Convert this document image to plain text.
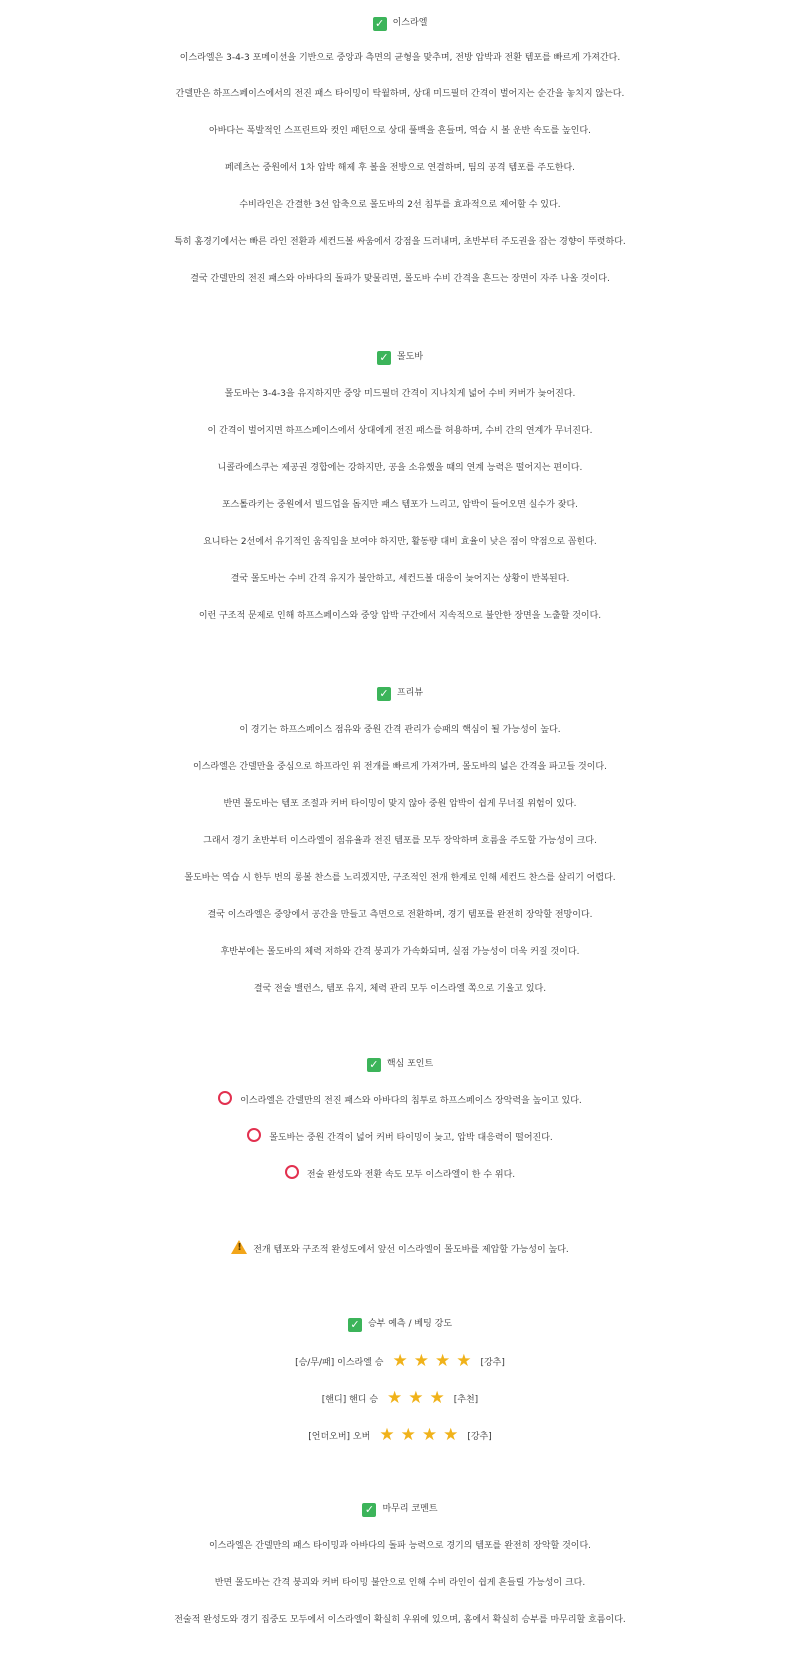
✓ 이스라엘
이스라엘은 3-4-3 포메이션을 기반으로 중앙과 측면의 균형을 맞추며, 전방 압박과 전환 템포를 빠르게 가져간다.
간델만은 하프스페이스에서의 전진 패스 타이밍이 탁월하며, 상대 미드필더 간격이 벌어지는 순간을 놓치지 않는다.
아바다는 폭발적인 스프린트와 컷인 패턴으로 상대 풀백을 흔들며, 역습 시 볼 운반 속도를 높인다.
페레츠는 중원에서 1차 압박 해제 후 볼을 전방으로 연결하며, 팀의 공격 템포를 주도한다.
수비라인은 간결한 3선 압축으로 몰도바의 2선 침투를 효과적으로 제어할 수 있다.
특히 홈경기에서는 빠른 라인 전환과 세컨드볼 싸움에서 강점을 드러내며, 초반부터 주도권을 잡는 경향이 뚜렷하다.
결국 간델만의 전진 패스와 아바다의 돌파가 맞물리면, 몰도바 수비 간격을 흔드는 장면이 자주 나올 것이다.
✓ 몰도바
몰도바는 3-4-3을 유지하지만 중앙 미드필더 간격이 지나치게 넓어 수비 커버가 늦어진다.
이 간격이 벌어지면 하프스페이스에서 상대에게 전진 패스를 허용하며, 수비 간의 연계가 무너진다.
니콜라에스쿠는 제공권 경합에는 강하지만, 공을 소유했을 때의 연계 능력은 떨어지는 편이다.
포스톨라키는 중원에서 빌드업을 돕지만 패스 템포가 느리고, 압박이 들어오면 실수가 잦다.
요니타는 2선에서 유기적인 움직임을 보여야 하지만, 활동량 대비 효율이 낮은 점이 약점으로 꼽힌다.
결국 몰도바는 수비 간격 유지가 불안하고, 세컨드볼 대응이 늦어지는 상황이 반복된다.
이런 구조적 문제로 인해 하프스페이스와 중앙 압박 구간에서 지속적으로 불안한 장면을 노출할 것이다.
✓ 프리뷰
이 경기는 하프스페이스 점유와 중원 간격 관리가 승패의 핵심이 될 가능성이 높다.
이스라엘은 간델만을 중심으로 하프라인 위 전개를 빠르게 가져가며, 몰도바의 넓은 간격을 파고들 것이다.
반면 몰도바는 템포 조절과 커버 타이밍이 맞지 않아 중원 압박이 쉽게 무너질 위험이 있다.
그래서 경기 초반부터 이스라엘이 점유율과 전진 템포를 모두 장악하며 흐름을 주도할 가능성이 크다.
몰도바는 역습 시 한두 번의 롱볼 찬스를 노리겠지만, 구조적인 전개 한계로 인해 세컨드 찬스를 살리기 어렵다.
결국 이스라엘은 중앙에서 공간을 만들고 측면으로 전환하며, 경기 템포를 완전히 장악할 전망이다.
후반부에는 몰도바의 체력 저하와 간격 붕괴가 가속화되며, 실점 가능성이 더욱 커질 것이다.
결국 전술 밸런스, 템포 유지, 체력 관리 모두 이스라엘 쪽으로 기울고 있다.
✓ 핵심 포인트
이스라엘은 간델만의 전진 패스와 아바다의 침투로 하프스페이스 장악력을 높이고 있다.
몰도바는 중원 간격이 넓어 커버 타이밍이 늦고, 압박 대응력이 떨어진다.
전술 완성도와 전환 속도 모두 이스라엘이 한 수 위다.
!전개 템포와 구조적 완성도에서 앞선 이스라엘이 몰도바를 제압할 가능성이 높다.
✓ 승부 예측 / 베팅 강도
[승/무/패] 이스라엘 승 ★ ★ ★ ★ [강추]
[핸디] 핸디 승 ★ ★ ★ [추천]
[언더오버] 오버 ★ ★ ★ ★ [강추]
✓ 마무리 코멘트
이스라엘은 간델만의 패스 타이밍과 아바다의 돌파 능력으로 경기의 템포를 완전히 장악할 것이다.
반면 몰도바는 간격 붕괴와 커버 타이밍 불안으로 인해 수비 라인이 쉽게 흔들릴 가능성이 크다.
전술적 완성도와 경기 집중도 모두에서 이스라엘이 확실히 우위에 있으며, 홈에서 확실히 승부를 마무리할 흐름이다.
